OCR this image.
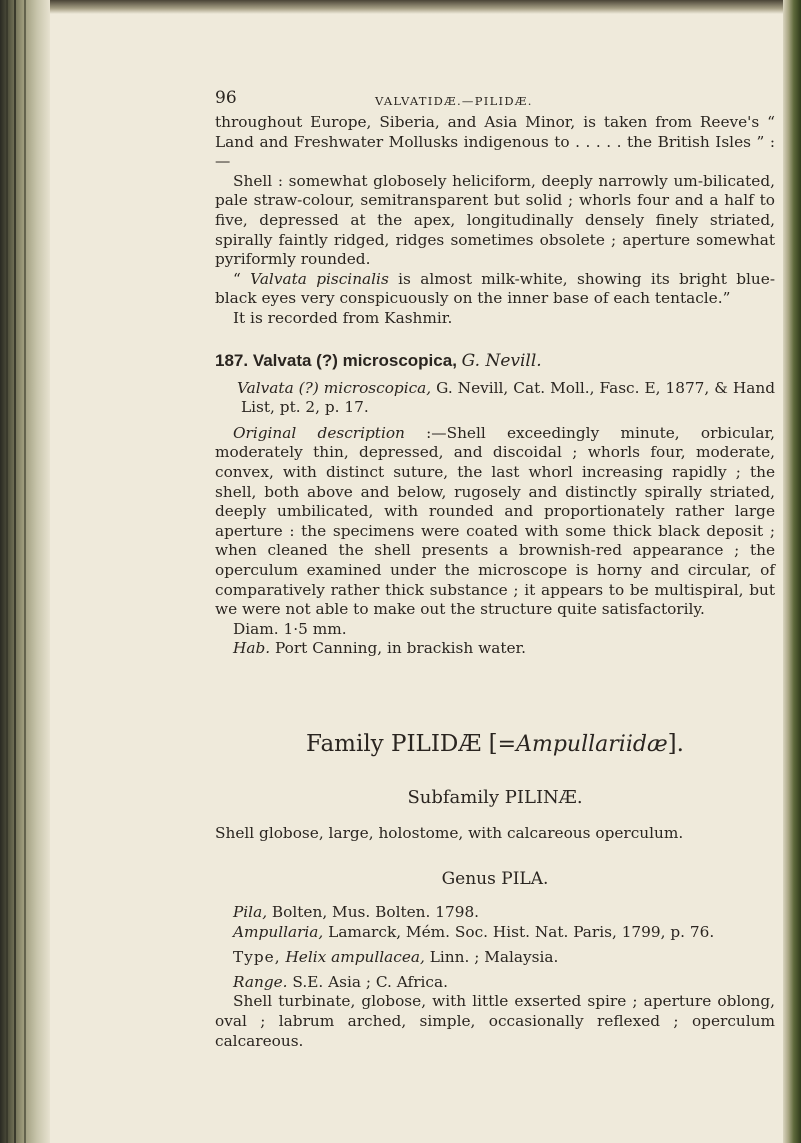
96	VALVATIDÆ.—PILIDÆ.

throughout Europe, Siberia, and Asia Minor, is taken from Reeve's “ Land and Freshwater Mollusks indigenous to . . . . . the British Isles ” :—

Shell : somewhat globosely heliciform, deeply narrowly um-bilicated, pale straw-colour, semitransparent but solid ; whorls four and a half to five, depressed at the apex, longitudinally densely finely striated, spirally faintly ridged, ridges sometimes obsolete ; aperture somewhat pyriformly rounded.

“ Valvata piscinalis is almost milk-white, showing its bright blue-black eyes very conspicuously on the inner base of each tentacle.”

It is recorded from Kashmir.

187. Valvata (?) microscopica, G. Nevill.

Valvata (?) microscopica, G. Nevill, Cat. Moll., Fasc. E, 1877, & Hand List, pt. 2, p. 17.

Original description :—Shell exceedingly minute, orbicular, moderately thin, depressed, and discoidal ; whorls four, moderate, convex, with distinct suture, the last whorl increasing rapidly ; the shell, both above and below, rugosely and distinctly spirally striated, deeply umbilicated, with rounded and proportionately rather large aperture : the specimens were coated with some thick black deposit ; when cleaned the shell presents a brownish-red appearance ; the operculum examined under the microscope is horny and circular, of comparatively rather thick substance ; it appears to be multispiral, but we were not able to make out the structure quite satisfactorily.

Diam. 1·5 mm.

Hab. Port Canning, in brackish water.

Family PILIDÆ [=Ampullariidæ].
Subfamily PILINÆ.

Shell globose, large, holostome, with calcareous operculum.

Genus PILA.

Pila, Bolten, Mus. Bolten. 1798.

Ampullaria, Lamarck, Mém. Soc. Hist. Nat. Paris, 1799, p. 76.

Type, Helix ampullacea, Linn. ; Malaysia.

Range. S.E. Asia ; C. Africa.

Shell turbinate, globose, with little exserted spire ; aperture oblong, oval ; labrum arched, simple, occasionally reflexed ; operculum calcareous.
